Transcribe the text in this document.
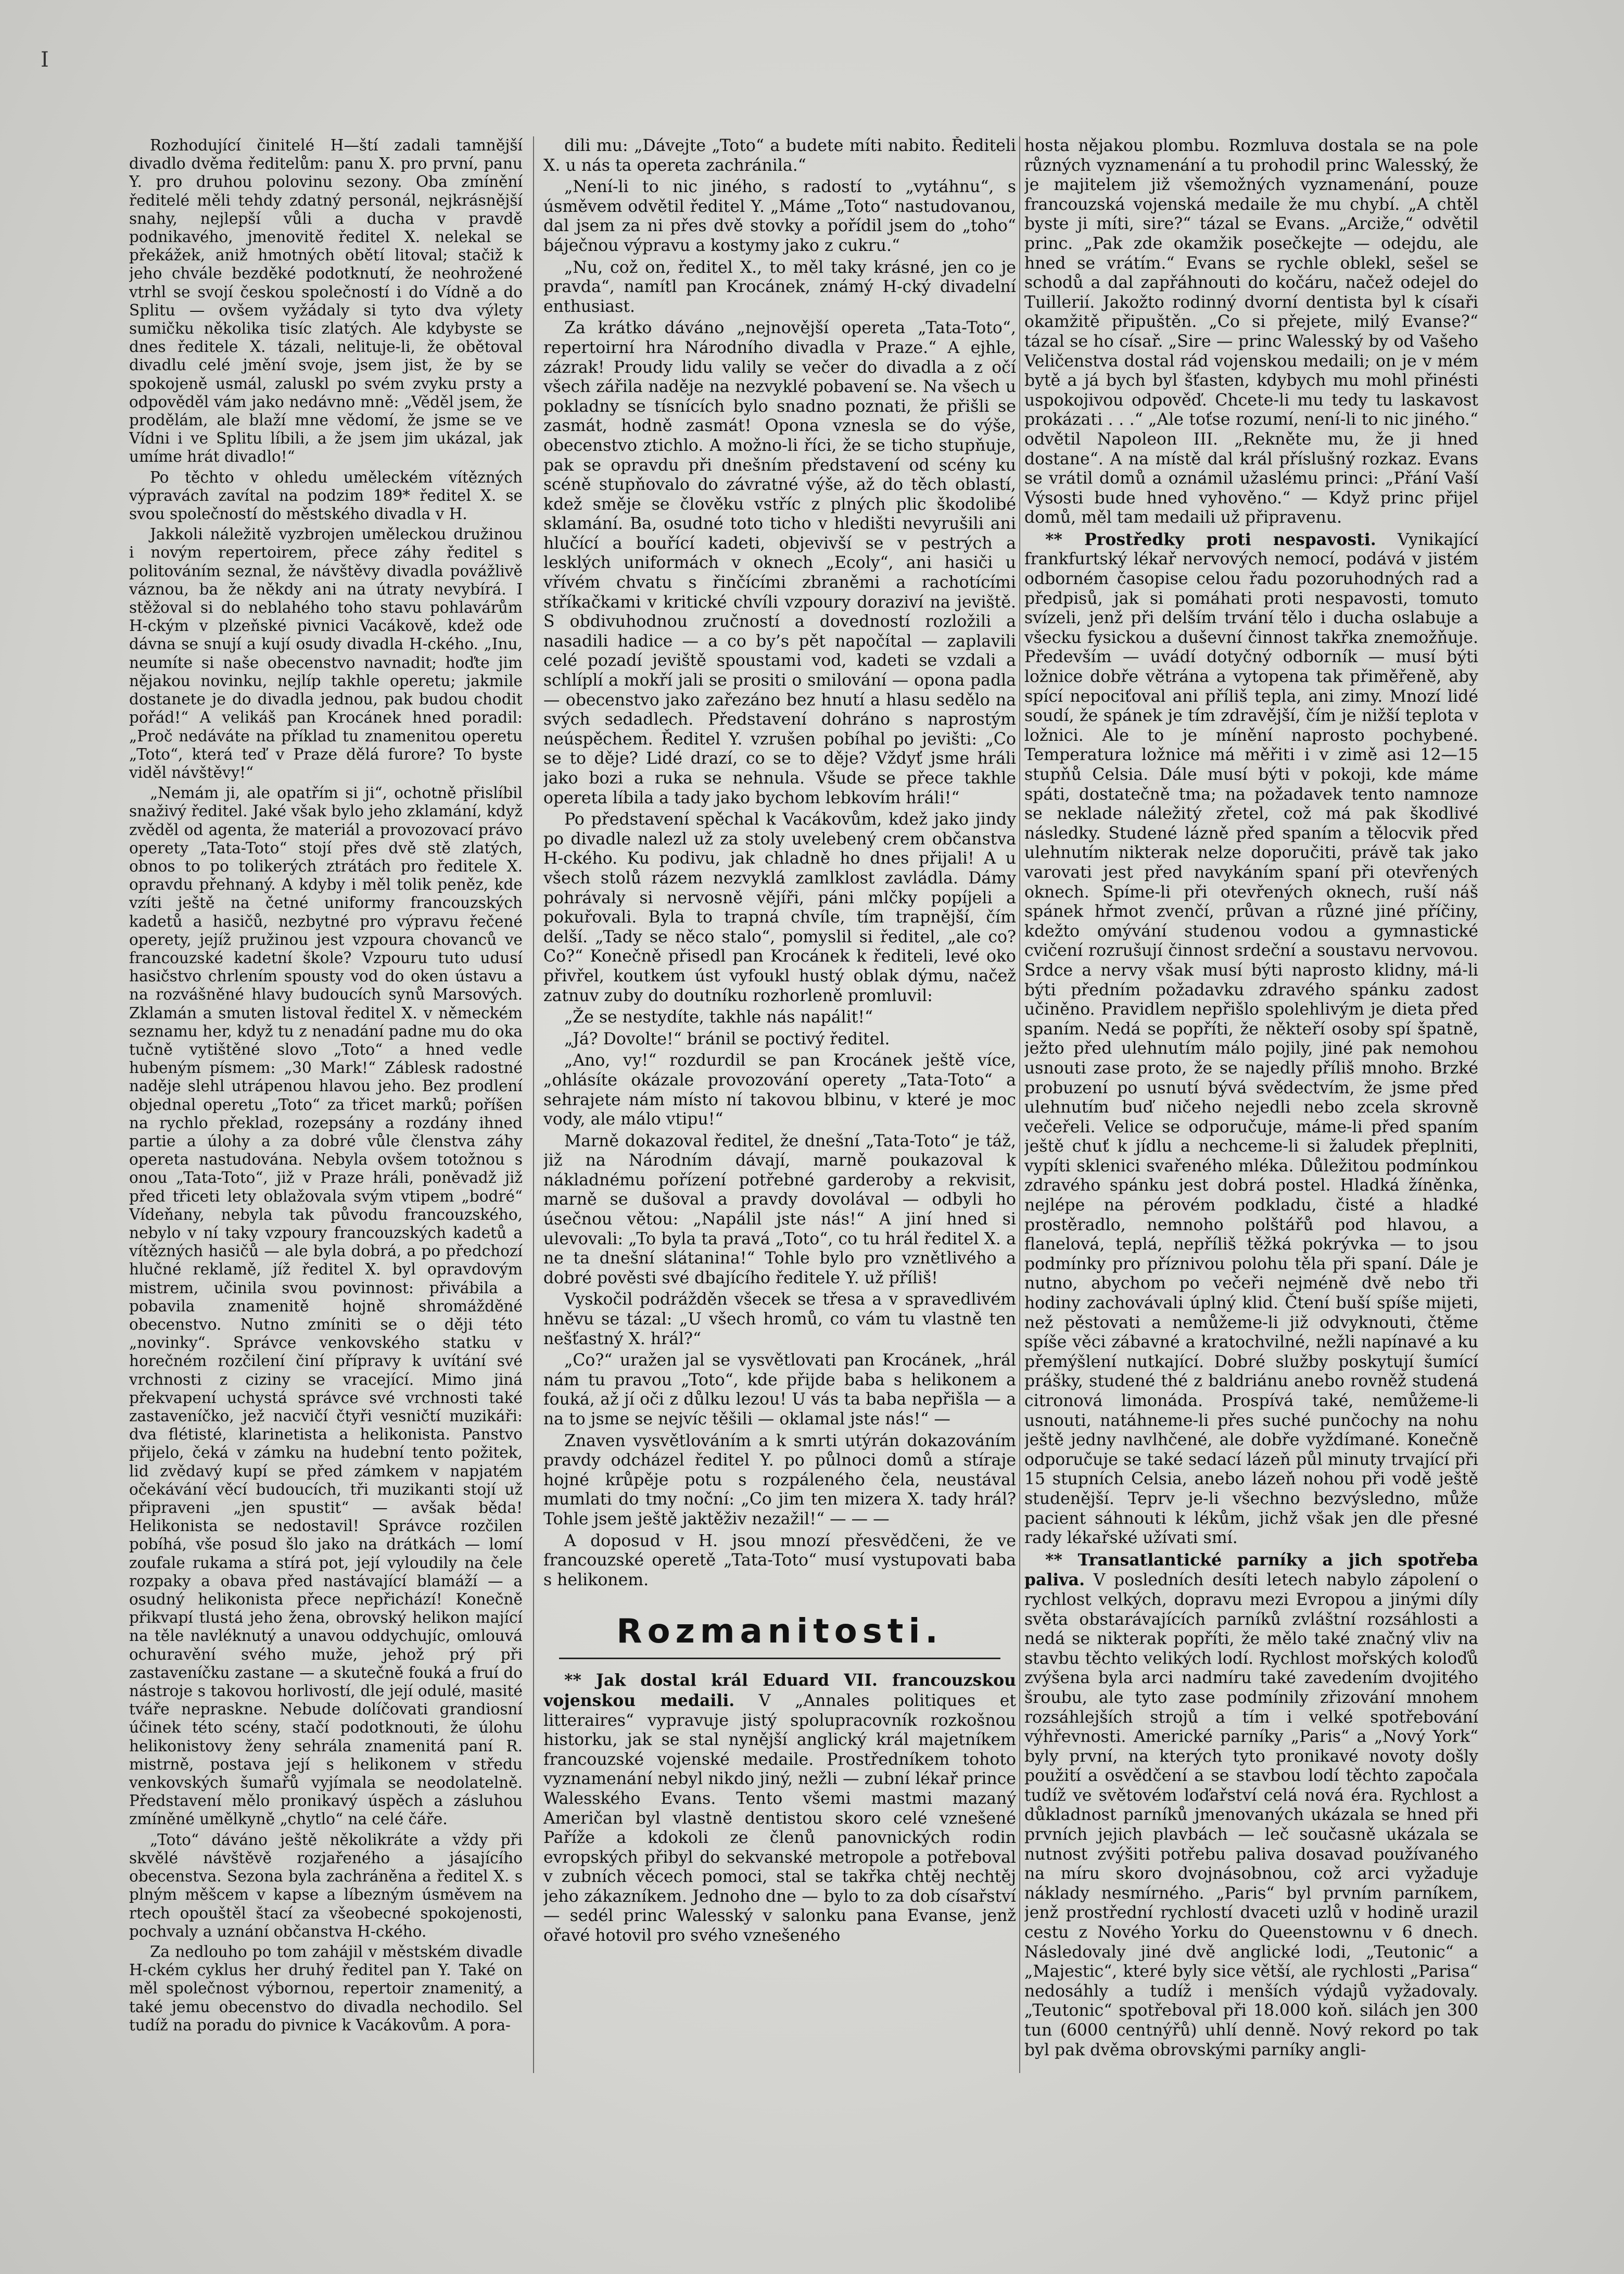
I

Rozhodující činitelé H—ští zadali tamnější divadlo dvěma ředitelům: panu X. pro první, panu Y. pro druhou polovinu sezony. Oba zmínění ředitelé měli tehdy zdatný personál, nejkrásnější snahy, nejlepší vůli a ducha v pravdě podnikavého, jmenovitě ředitel X. nelekal se překážek, aniž hmotných obětí litoval; stačiž k jeho chvále bezděké podotknutí, že neohrožené vtrhl se svojí českou společností i do Vídně a do Splitu — ovšem vyžádaly si tyto dva výlety sumičku několika tisíc zlatých. Ale kdybyste se dnes ředitele X. tázali, nelituje-li, že obětoval divadlu celé jmění svoje, jsem jist, že by se spokojeně usmál, zaluskl po svém zvyku prsty a odpověděl vám jako nedávno mně: „Věděl jsem, že prodělám, ale blaží mne vědomí, že jsme se ve Vídni i ve Splitu líbili, a že jsem jim ukázal, jak umíme hrát divadlo!“

Po těchto v ohledu uměleckém vítězných výpravách zavítal na podzim 189* ředitel X. se svou společností do městského divadla v H.

Jakkoli náležitě vyzbrojen uměleckou družinou i novým repertoirem, přece záhy ředitel s politováním seznal, že návštěvy divadla povážlivě váznou, ba že někdy ani na útraty nevybírá. I stěžoval si do neblahého toho stavu pohlavárům H-ckým v plzeňské pivnici Vacákově, kdež ode dávna se snují a kují osudy divadla H-ckého. „Inu, neumíte si naše obecenstvo navnadit; hoďte jim nějakou novinku, nejlíp takhle operetu; jakmile dostanete je do divadla jednou, pak budou chodit pořád!“ A velikáš pan Krocánek hned poradil: „Proč nedáváte na příklad tu znamenitou operetu „Toto“, která teď v Praze dělá furore? To byste viděl návštěvy!“

„Nemám ji, ale opatřím si ji“, ochotně přislíbil snaživý ředitel. Jaké však bylo jeho zklamání, když zvěděl od agenta, že materiál a provozovací právo operety „Tata-Toto“ stojí přes dvě stě zlatých, obnos to po tolikerých ztrátách pro ředitele X. opravdu přehnaný. A kdyby i měl tolik peněz, kde vzíti ještě na četné uniformy francouzských kadetů a hasičů, nezbytné pro výpravu řečené operety, jejíž pružinou jest vzpoura chovanců ve francouzské kadetní škole? Vzpouru tuto udusí hasičstvo chrlením spousty vod do oken ústavu a na rozvášněné hlavy budoucích synů Marsových. Zklamán a smuten listoval ředitel X. v německém seznamu her, když tu z nenadání padne mu do oka tučně vytištěné slovo „Toto“ a hned vedle hubeným písmem: „30 Mark!“ Záblesk radostné naděje slehl utrápenou hlavou jeho. Bez prodlení objednal operetu „Toto“ za třicet marků; poříšen na rychlo překlad, rozepsány a rozdány ihned partie a úlohy a za dobré vůle členstva záhy opereta nastudována. Nebyla ovšem totožnou s onou „Tata-Toto“, již v Praze hráli, poněvadž již před třiceti lety oblažovala svým vtipem „bodré“ Vídeňany, nebyla tak původu francouzského, nebylo v ní taky vzpoury francouzských kadetů a vítězných hasičů — ale byla dobrá, a po předchozí hlučné reklamě, jíž ředitel X. byl opravdovým mistrem, učinila svou povinnost: přivábila a pobavila znamenitě hojně shromážděné obecenstvo. Nutno zmíniti se o ději této „novinky“. Správce venkovského statku v horečném rozčilení činí přípravy k uvítání své vrchnosti z ciziny se vracející. Mimo jiná překvapení uchystá správce své vrchnosti také zastaveníčko, jež nacvičí čtyři vesničtí muzikáři: dva flétisté, klarinetista a helikonista. Panstvo přijelo, čeká v zámku na hudební tento požitek, lid zvědavý kupí se před zámkem v napjatém očekávání věcí budoucích, tři muzikanti stojí už připraveni „jen spustit“ — avšak běda! Helikonista se nedostavil! Správce rozčilen pobíhá, vše posud šlo jako na drátkách — lomí zoufale rukama a stírá pot, její vyloudily na čele rozpaky a obava před nastávající blamáží — a osudný helikonista přece nepřichází! Konečně přikvapí tlustá jeho žena, obrovský helikon mající na těle navléknutý a unavou oddychujíc, omlouvá ochuravění svého muže, jehož prý při zastaveníčku zastane — a skutečně fouká a fruí do nástroje s takovou horlivostí, dle její odulé, masité tváře nepraskne. Nebude dolíčovati grandiosní účinek této scény, stačí podotknouti, že úlohu helikonistovy ženy sehrála znamenitá paní R. mistrně, postava její s helikonem v středu venkovských šumařů vyjímala se neodolatelně. Představení mělo pronikavý úspěch a zásluhou zmíněné umělkyně „chytlo“ na celé čáře.

„Toto“ dáváno ještě několikráte a vždy při skvělé návštěvě rozjařeného a jásajícího obecenstva. Sezona byla zachráněna a ředitel X. s plným měšcem v kapse a líbezným úsměvem na rtech opouštěl štací za všeobecné spokojenosti, pochvaly a uznání občanstva H-ckého.

Za nedlouho po tom zahájil v městském divadle H-ckém cyklus her druhý ředitel pan Y. Také on měl společnost výbornou, repertoir znamenitý, a také jemu obecenstvo do divadla nechodilo. Sel tudíž na poradu do pivnice k Vacákovům. A pora-

dili mu: „Dávejte „Toto“ a budete míti nabito. Řediteli X. u nás ta opereta zachránila.“

„Není-li to nic jiného, s radostí to „vytáhnu“, s úsměvem odvětil ředitel Y. „Máme „Toto“ nastudovanou, dal jsem za ni přes dvě stovky a pořídil jsem do „toho“ báječnou výpravu a kostymy jako z cukru.“

„Nu, což on, ředitel X., to měl taky krásné, jen co je pravda“, namítl pan Krocánek, známý H-cký divadelní enthusiast.

Za krátko dáváno „nejnovější opereta „Tata-Toto“, repertoirní hra Národního divadla v Praze.“ A ejhle, zázrak! Proudy lidu valily se večer do divadla a z očí všech zářila naděje na nezvyklé pobavení se. Na všech u pokladny se tísnících bylo snadno poznati, že přišli se zasmát, hodně zasmát! Opona vznesla se do výše, obecenstvo ztichlo. A možno-li říci, že se ticho stupňuje, pak se opravdu při dnešním představení od scény ku scéně stupňovalo do závratné výše, až do těch oblastí, kdež směje se člověku vstříc z plných plic škodolibé sklamání. Ba, osudné toto ticho v hledišti nevyrušili ani hlučící a bouřící kadeti, objevivší se v pestrých a lesklých uniformách v oknech „Ecoly“, ani hasiči u vřívém chvatu s řinčícími zbraněmi a rachotícími stříkačkami v kritické chvíli vzpoury doraziví na jeviště. S obdivuhodnou zručností a dovedností rozložili a nasadili hadice — a co by’s pět napočítal — zaplavili celé pozadí jeviště spoustami vod, kadeti se vzdali a schlíplí a mokří jali se prositi o smilování — opona padla — obecenstvo jako zařezáno bez hnutí a hlasu sedělo na svých sedadlech. Představení dohráno s naprostým neúspěchem. Ředitel Y. vzrušen pobíhal po jevišti: „Co se to děje? Lidé drazí, co se to děje? Vždyť jsme hráli jako bozi a ruka se nehnula. Všude se přece takhle opereta líbila a tady jako bychom lebkovím hráli!“

Po představení spěchal k Vacákovům, kdež jako jindy po divadle nalezl už za stoly uvelebený crem občanstva H-ckého. Ku podivu, jak chladně ho dnes přijali! A u všech stolů rázem nezvyklá zamlklost zavládla. Dámy pohrávaly si nervosně vějíři, páni mlčky popíjeli a pokuřovali. Byla to trapná chvíle, tím trapnější, čím delší. „Tady se něco stalo“, pomyslil si ředitel, „ale co? Co?“ Konečně přisedl pan Krocánek k řediteli, levé oko přivřel, koutkem úst vyfoukl hustý oblak dýmu, načež zatnuv zuby do doutníku rozhorleně promluvil:

„Že se nestydíte, takhle nás napálit!“

„Já? Dovolte!“ bránil se poctivý ředitel.

„Ano, vy!“ rozdurdil se pan Krocánek ještě více, „ohlásíte okázale provozování operety „Tata-Toto“ a sehrajete nám místo ní takovou blbinu, v které je moc vody, ale málo vtipu!“

Marně dokazoval ředitel, že dnešní „Tata-Toto“ je táž, již na Národním dávají, marně poukazoval k nákladnému pořízení potřebné garderoby a rekvisit, marně se dušoval a pravdy dovolával — odbyli ho úsečnou větou: „Napálil jste nás!“ A jiní hned si ulevovali: „To byla ta pravá „Toto“, co tu hrál ředitel X. a ne ta dnešní slátanina!“ Tohle bylo pro vznětlivého a dobré pověsti své dbajícího ředitele Y. už příliš!

Vyskočil podrážděn všecek se třesa a v spravedlivém hněvu se tázal: „U všech hromů, co vám tu vlastně ten nešťastný X. hrál?“

„Co?“ uražen jal se vysvětlovati pan Krocánek, „hrál nám tu pravou „Toto“, kde přijde baba s helikonem a fouká, až jí oči z důlku lezou! U vás ta baba nepřišla — a na to jsme se nejvíc těšili — oklamal jste nás!“ —

Znaven vysvětlováním a k smrti utýrán dokazováním pravdy odcházel ředitel Y. po půlnoci domů a stíraje hojné krůpěje potu s rozpáleného čela, neustával mumlati do tmy noční: „Co jim ten mizera X. tady hrál? Tohle jsem ještě jaktěživ nezažil!“ — — —

A doposud v H. jsou mnozí přesvědčeni, že ve francouzské operetě „Tata-Toto“ musí vystupovati baba s helikonem.

Rozmanitosti.

** Jak dostal král Eduard VII. francouzskou vojenskou medaili. V „Annales politiques et litteraires“ vypravuje jistý spolupracovník rozkošnou historku, jak se stal nynější anglický král majetníkem francouzské vojenské medaile. Prostředníkem tohoto vyznamenání nebyl nikdo jiný, nežli — zubní lékař prince Walesského Evans. Tento všemi mastmi mazaný Američan byl vlastně dentistou skoro celé vznešené Paříže a kdokoli ze členů panovnických rodin evropských přibyl do sekvanské metropole a potřeboval v zubních věcech pomoci, stal se takřka chtěj nechtěj jeho zákazníkem. Jednoho dne — bylo to za dob císařství — sedél princ Walesský v salonku pana Evanse, jenž ořavé hotovil pro svého vznešeného

hosta nějakou plombu. Rozmluva dostala se na pole různých vyznamenání a tu prohodil princ Walesský, že je majitelem již všemožných vyznamenání, pouze francouzská vojenská medaile že mu chybí. „A chtěl byste ji míti, sire?“ tázal se Evans. „Arciže,“ odvětil princ. „Pak zde okamžik posečkejte — odejdu, ale hned se vrátím.“ Evans se rychle oblekl, sešel se schodů a dal zapřáhnouti do kočáru, načež odejel do Tuillerií. Jakožto rodinný dvorní dentista byl k císaři okamžitě připuštěn. „Co si přejete, milý Evanse?“ tázal se ho císař. „Sire — princ Walesský by od Vašeho Veličenstva dostal rád vojenskou medaili; on je v mém bytě a já bych byl šťasten, kdybych mu mohl přinésti uspokojivou odpověď. Chcete-li mu tedy tu laskavost prokázati . . .“ „Ale toťse rozumí, není-li to nic jiného.“ odvětil Napoleon III. „Rekněte mu, že ji hned dostane“. A na místě dal král příslušný rozkaz. Evans se vrátil domů a oznámil užaslému princi: „Přání Vaší Výsosti bude hned vyhověno.“ — Když princ přijel domů, měl tam medaili už připravenu.

** Prostředky proti nespavosti. Vynikající frankfurtský lékař nervových nemocí, podává v jistém odborném časopise celou řadu pozoruhodných rad a předpisů, jak si pomáhati proti nespavosti, tomuto svízeli, jenž při delším trvání tělo i ducha oslabuje a všecku fysickou a duševní činnost takřka znemožňuje. Především — uvádí dotyčný odborník — musí býti ložnice dobře větrána a vytopena tak přiměřeně, aby spící nepociťoval ani příliš tepla, ani zimy. Mnozí lidé soudí, že spánek je tím zdravější, čím je nižší teplota v ložnici. Ale to je mínění naprosto pochybené. Temperatura ložnice má měřiti i v zimě asi 12—15 stupňů Celsia. Dále musí býti v pokoji, kde máme spáti, dostatečně tma; na požadavek tento namnoze se neklade náležitý zřetel, což má pak škodlivé následky. Studené lázně před spaním a tělocvik před ulehnutím nikterak nelze doporučiti, právě tak jako varovati jest před navykáním spaní při otevřených oknech. Spíme-li při otevřených oknech, ruší náš spánek hřmot zvenčí, průvan a různé jiné příčiny, kdežto omývání studenou vodou a gymnastické cvičení rozrušují činnost srdeční a soustavu nervovou. Srdce a nervy však musí býti naprosto klidny, má-li býti předním požadavku zdravého spánku zadost učiněno. Pravidlem nepřišlo spolehlivým je dieta před spaním. Nedá se popříti, že někteří osoby spí špatně, ježto před ulehnutím málo pojily, jiné pak nemohou usnouti zase proto, že se najedly příliš mnoho. Brzké probuzení po usnutí bývá svědectvím, že jsme před ulehnutím buď ničeho nejedli nebo zcela skrovně večeřeli. Velice se odporučuje, máme-li před spaním ještě chuť k jídlu a nechceme-li si žaludek přeplniti, vypíti sklenici svařeného mléka. Důležitou podmínkou zdravého spánku jest dobrá postel. Hladká žíněnka, nejlépe na pérovém podkladu, čisté a hladké prostěradlo, nemnoho polštářů pod hlavou, a flanelová, teplá, nepříliš těžká pokrývka — to jsou podmínky pro příznivou polohu těla při spaní. Dále je nutno, abychom po večeři nejméně dvě nebo tři hodiny zachovávali úplný klid. Čtení buší spíše mijeti, než pěstovati a nemůžeme-li již odvyknouti, čtěme spíše věci zábavné a kratochvilné, nežli napínavé a ku přemýšlení nutkající. Dobré služby poskytují šumící prášky, studené thé z baldriánu anebo rovněž studená citronová limonáda. Prospívá také, nemůžeme-li usnouti, natáhneme-li přes suché punčochy na nohu ještě jedny navlhčené, ale dobře vyždímané. Konečně odporučuje se také sedací lázeň půl minuty trvající při 15 stupních Celsia, anebo lázeň nohou při vodě ještě studenější. Teprv je-li všechno bezvýsledno, může pacient sáhnouti k lékům, jichž však jen dle přesné rady lékařské užívati smí.

** Transatlantické parníky a jich spotřeba paliva. V posledních desíti letech nabylo zápolení o rychlost velkých, dopravu mezi Evropou a jinými díly světa obstarávajících parníků zvláštní rozsáhlosti a nedá se nikterak popříti, že mělo také značný vliv na stavbu těchto velikých lodí. Rychlost mořských koloďů zvýšena byla arci nadmíru také zavedením dvojitého šroubu, ale tyto zase podmínily zřizování mnohem rozsáhlejších strojů a tím i velké spotřebování výhřevnosti. Americké parníky „Paris“ a „Nový York“ byly první, na kterých tyto pronikavé novoty došly použití a osvědčení a se stavbou lodí těchto započala tudíž ve světovém loďařství celá nová éra. Rychlost a důkladnost parníků jmenovaných ukázala se hned při prvních jejich plavbách — leč současně ukázala se nutnost zvýšiti potřebu paliva dosavad používaného na míru skoro dvojnásobnou, což arci vyžaduje náklady nesmírného. „Paris“ byl prvním parníkem, jenž prostřední rychlostí dvaceti uzlů v hodině urazil cestu z Nového Yorku do Queenstownu v 6 dnech. Následovaly jiné dvě anglické lodi, „Teutonic“ a „Majestic“, které byly sice větší, ale rychlosti „Parisa“ nedosáhly a tudíž i menších výdajů vyžadovaly. „Teutonic“ spotřeboval při 18.000 koň. silách jen 300 tun (6000 centnýřů) uhlí denně. Nový rekord po tak byl pak dvěma obrovskými parníky angli-
